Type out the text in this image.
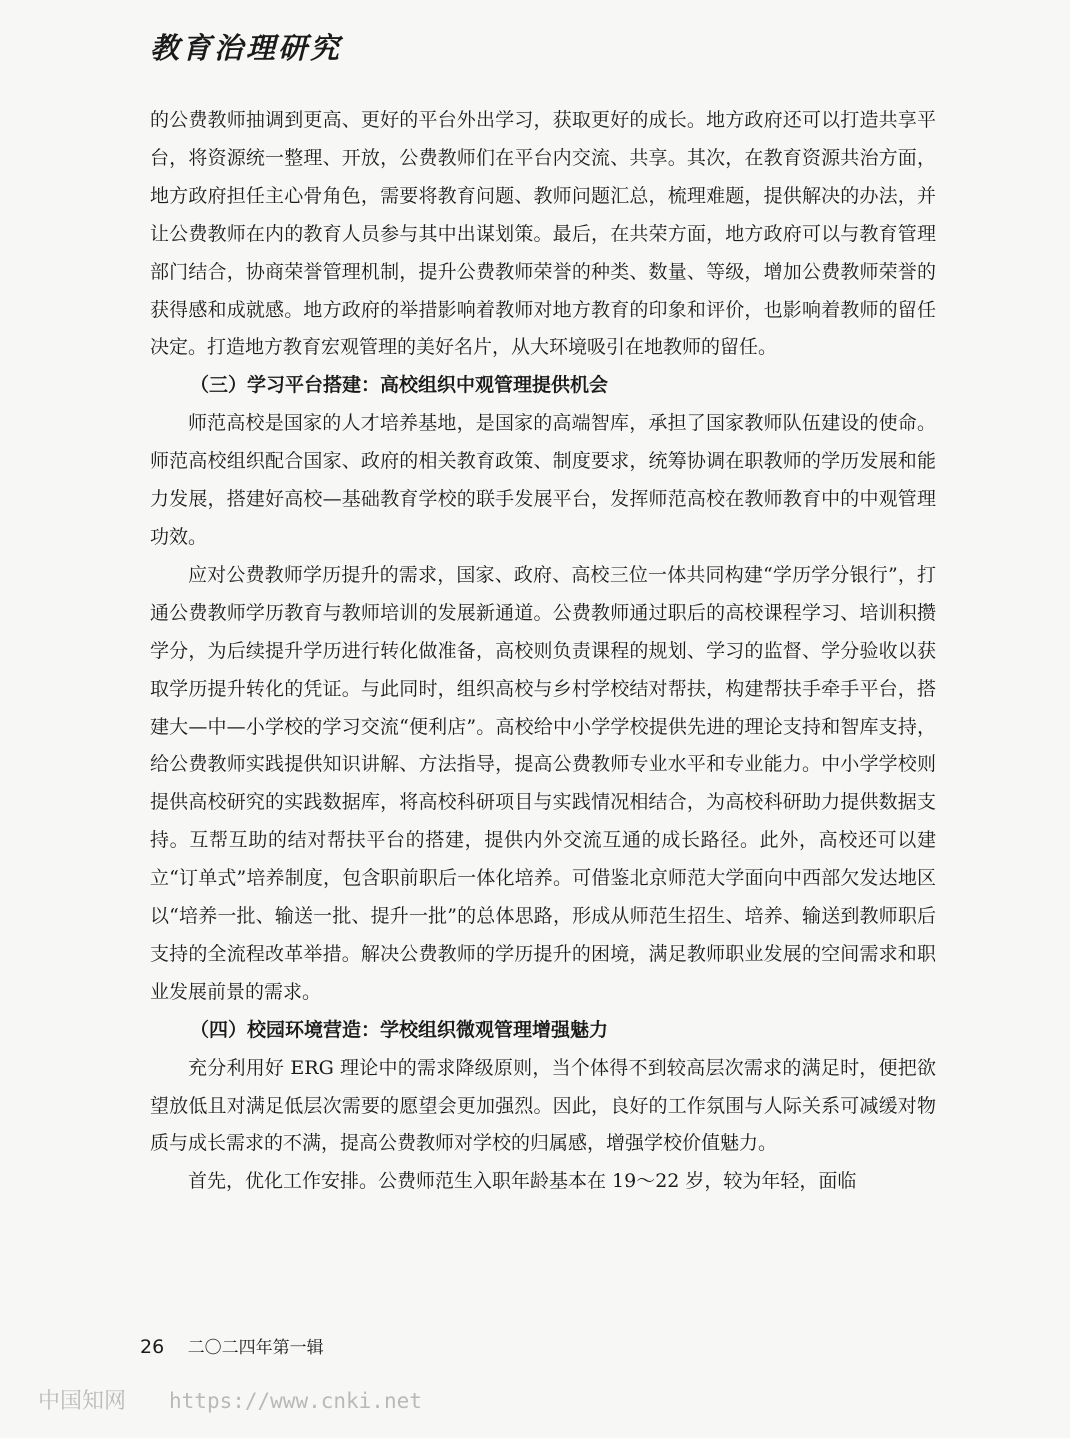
教育治理研究

的公费教师抽调到更高、更好的平台外出学习，获取更好的成长。地方政府还可以打造共享平台，将资源统一整理、开放，公费教师们在平台内交流、共享。其次，在教育资源共治方面，地方政府担任主心骨角色，需要将教育问题、教师问题汇总，梳理难题，提供解决的办法，并让公费教师在内的教育人员参与其中出谋划策。最后，在共荣方面，地方政府可以与教育管理部门结合，协商荣誉管理机制，提升公费教师荣誉的种类、数量、等级，增加公费教师荣誉的获得感和成就感。地方政府的举措影响着教师对地方教育的印象和评价，也影响着教师的留任决定。打造地方教育宏观管理的美好名片，从大环境吸引在地教师的留任。

（三）学习平台搭建：高校组织中观管理提供机会

师范高校是国家的人才培养基地，是国家的高端智库，承担了国家教师队伍建设的使命。师范高校组织配合国家、政府的相关教育政策、制度要求，统筹协调在职教师的学历发展和能力发展，搭建好高校—基础教育学校的联手发展平台，发挥师范高校在教师教育中的中观管理功效。

应对公费教师学历提升的需求，国家、政府、高校三位一体共同构建“学历学分银行”，打通公费教师学历教育与教师培训的发展新通道。公费教师通过职后的高校课程学习、培训积攒学分，为后续提升学历进行转化做准备，高校则负责课程的规划、学习的监督、学分验收以获取学历提升转化的凭证。与此同时，组织高校与乡村学校结对帮扶，构建帮扶手牵手平台，搭建大—中—小学校的学习交流“便利店”。高校给中小学学校提供先进的理论支持和智库支持，给公费教师实践提供知识讲解、方法指导，提高公费教师专业水平和专业能力。中小学学校则提供高校研究的实践数据库，将高校科研项目与实践情况相结合，为高校科研助力提供数据支持。互帮互助的结对帮扶平台的搭建，提供内外交流互通的成长路径。此外，高校还可以建立“订单式”培养制度，包含职前职后一体化培养。可借鉴北京师范大学面向中西部欠发达地区以“培养一批、输送一批、提升一批”的总体思路，形成从师范生招生、培养、输送到教师职后支持的全流程改革举措。解决公费教师的学历提升的困境，满足教师职业发展的空间需求和职业发展前景的需求。

（四）校园环境营造：学校组织微观管理增强魅力

充分利用好 ERG 理论中的需求降级原则，当个体得不到较高层次需求的满足时，便把欲望放低且对满足低层次需要的愿望会更加强烈。因此，良好的工作氛围与人际关系可减缓对物质与成长需求的不满，提高公费教师对学校的归属感，增强学校价值魅力。

首先，优化工作安排。公费师范生入职年龄基本在 19～22 岁，较为年轻，面临

26 二〇二四年第一辑
中国知网 https://www.cnki.net
